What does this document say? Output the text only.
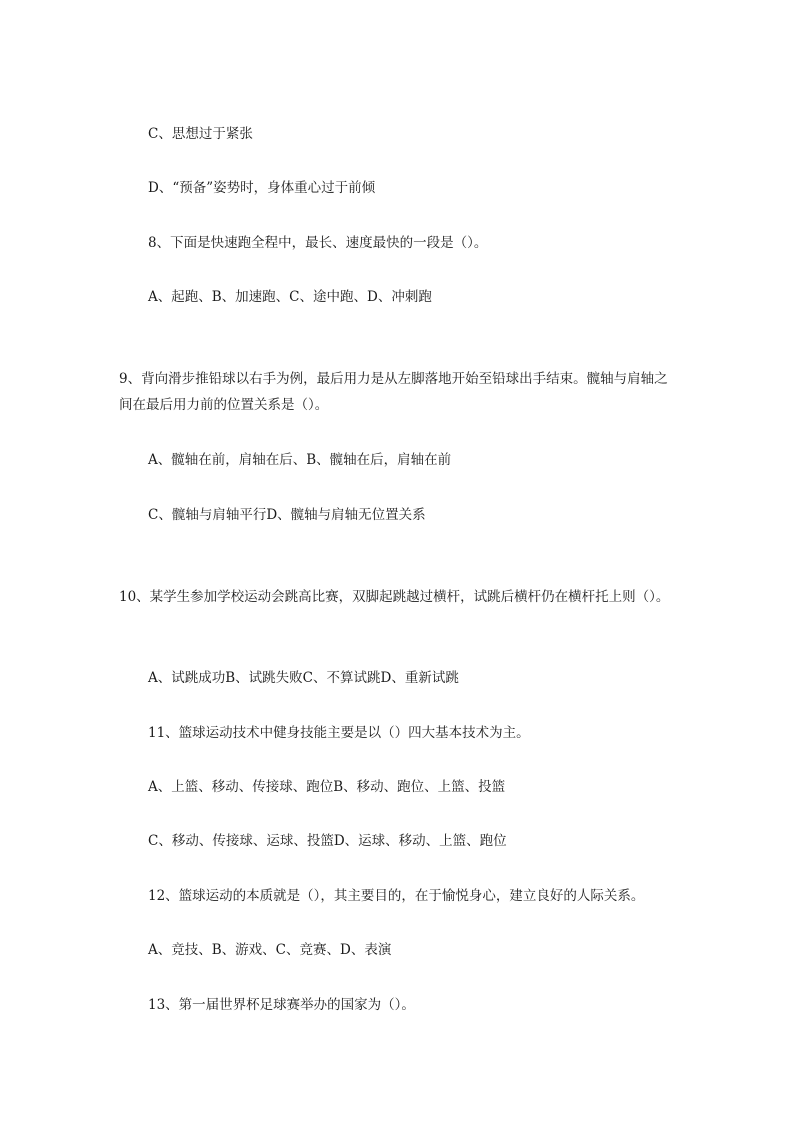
C、思想过于紧张
D、“预备”姿势时，身体重心过于前倾
8、下面是快速跑全程中，最长、速度最快的一段是（）。
A、起跑、B、加速跑、C、途中跑、D、冲刺跑
9、背向滑步推铅球以右手为例，最后用力是从左脚落地开始至铅球出手结束。髋轴与肩轴之间在最后用力前的位置关系是（）。
A、髋轴在前，肩轴在后、B、髋轴在后，肩轴在前
C、髋轴与肩轴平行D、髋轴与肩轴无位置关系
10、某学生参加学校运动会跳高比赛，双脚起跳越过横杆，试跳后横杆仍在横杆托上则（）。
A、试跳成功B、试跳失败C、不算试跳D、重新试跳
11、篮球运动技术中健身技能主要是以（）四大基本技术为主。
A、上篮、移动、传接球、跑位B、移动、跑位、上篮、投篮
C、移动、传接球、运球、投篮D、运球、移动、上篮、跑位
12、篮球运动的本质就是（），其主要目的，在于愉悦身心，建立良好的人际关系。
A、竞技、B、游戏、C、竞赛、D、表演
13、第一届世界杯足球赛举办的国家为（）。
